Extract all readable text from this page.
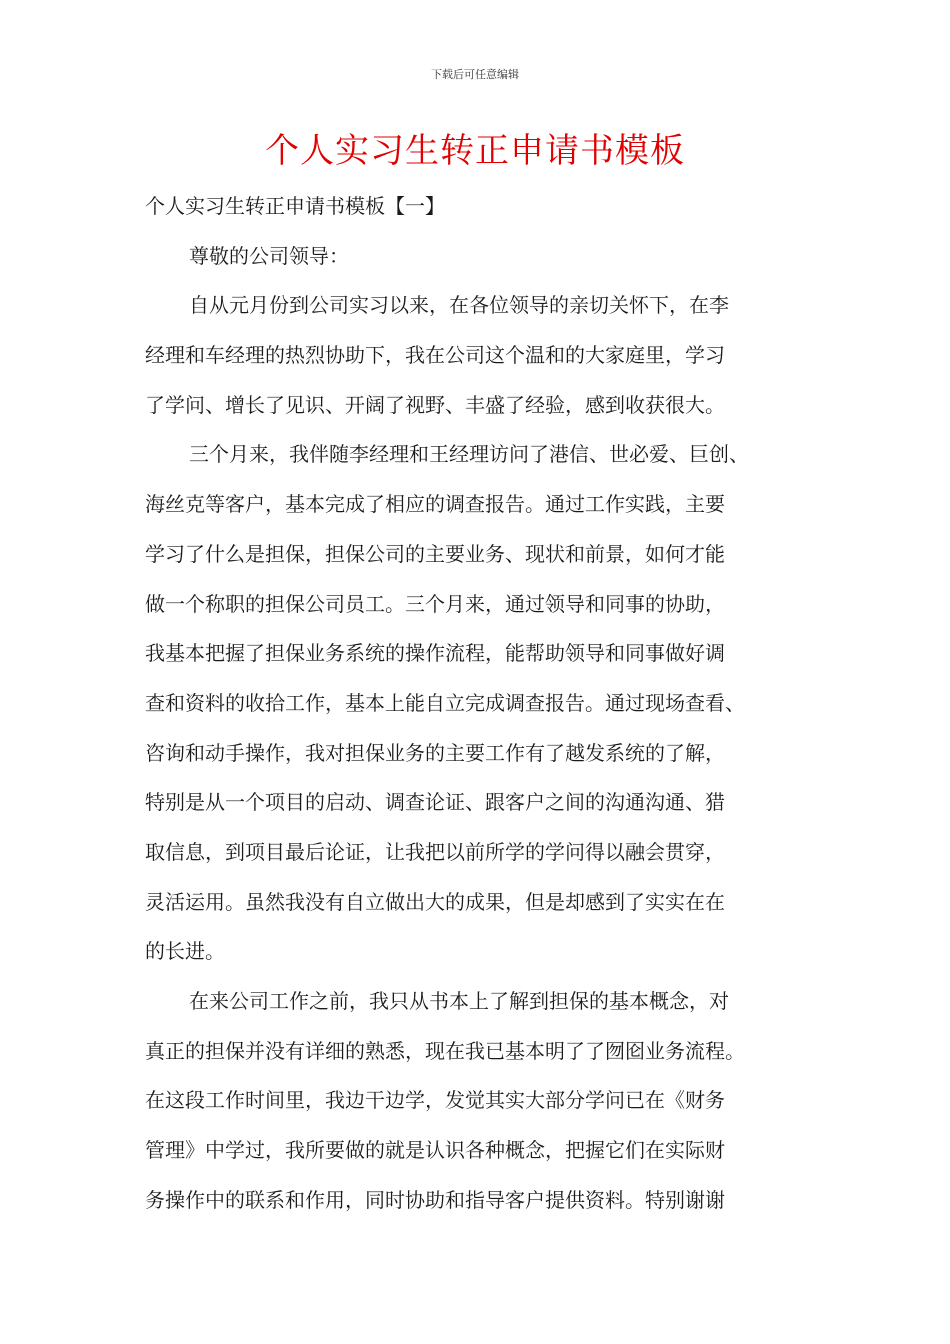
下载后可任意编辑
个人实习生转正申请书模板
个人实习生转正申请书模板【一】
尊敬的公司领导：
自从元月份到公司实习以来，在各位领导的亲切关怀下，在李
经理和车经理的热烈协助下，我在公司这个温和的大家庭里，学习
了学问、增长了见识、开阔了视野、丰盛了经验，感到收获很大。
三个月来，我伴随李经理和王经理访问了港信、世必爱、巨创、
海丝克等客户，基本完成了相应的调查报告。通过工作实践，主要
学习了什么是担保，担保公司的主要业务、现状和前景，如何才能
做一个称职的担保公司员工。三个月来，通过领导和同事的协助，
我基本把握了担保业务系统的操作流程，能帮助领导和同事做好调
查和资料的收拾工作，基本上能自立完成调查报告。通过现场查看、
咨询和动手操作，我对担保业务的主要工作有了越发系统的了解，
特别是从一个项目的启动、调查论证、跟客户之间的沟通沟通、猎
取信息，到项目最后论证，让我把以前所学的学问得以融会贯穿，
灵活运用。虽然我没有自立做出大的成果，但是却感到了实实在在
的长进。
在来公司工作之前，我只从书本上了解到担保的基本概念，对
真正的担保并没有详细的熟悉，现在我已基本明了了囫囵业务流程。
在这段工作时间里，我边干边学，发觉其实大部分学问已在《财务
管理》中学过，我所要做的就是认识各种概念，把握它们在实际财
务操作中的联系和作用，同时协助和指导客户提供资料。特别谢谢
